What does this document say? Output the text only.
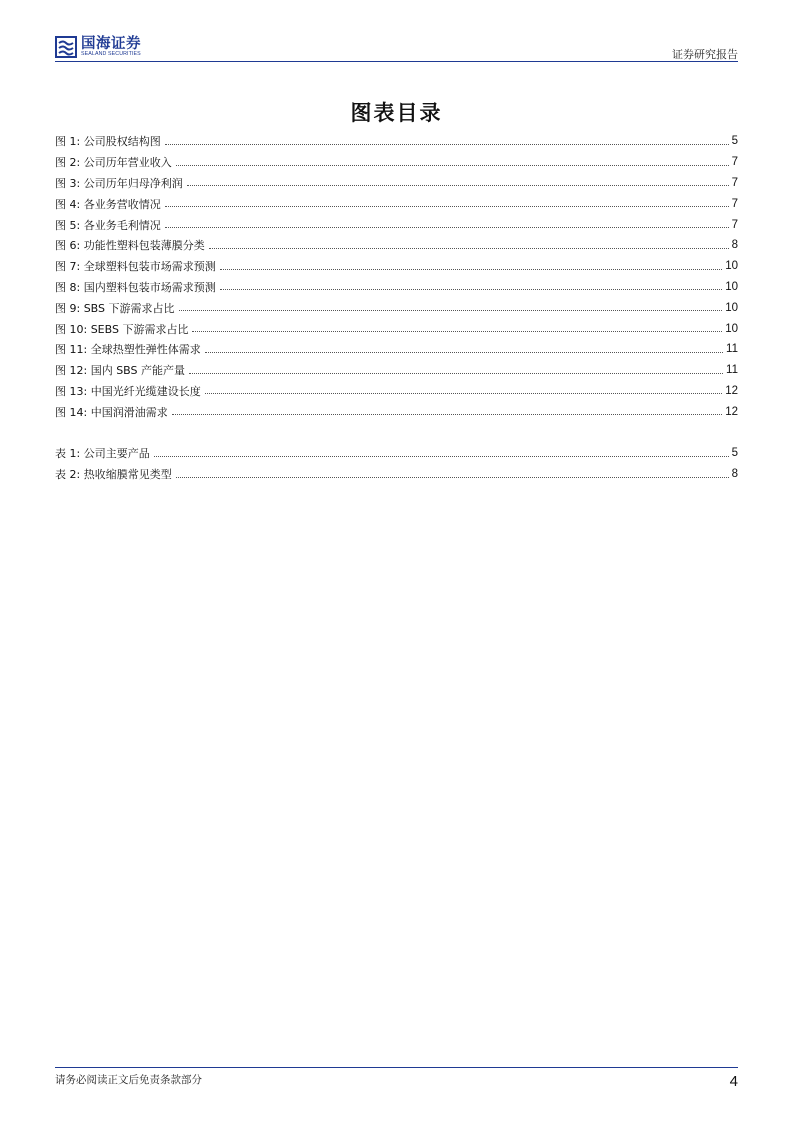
国海证券
SEALAND SECURITIES	证券研究报告
图表目录
图 1: 公司股权结构图	5
图 2: 公司历年营业收入	7
图 3: 公司历年归母净利润	7
图 4: 各业务营收情况	7
图 5: 各业务毛利情况	7
图 6: 功能性塑料包装薄膜分类	8
图 7: 全球塑料包装市场需求预测	10
图 8: 国内塑料包装市场需求预测	10
图 9: SBS 下游需求占比	10
图 10: SEBS 下游需求占比	10
图 11: 全球热塑性弹性体需求	11
图 12: 国内 SBS 产能产量	11
图 13: 中国光纤光缆建设长度	12
图 14: 中国润滑油需求	12
表 1: 公司主要产品	5
表 2: 热收缩膜常见类型	8
请务必阅读正文后免责条款部分	4
